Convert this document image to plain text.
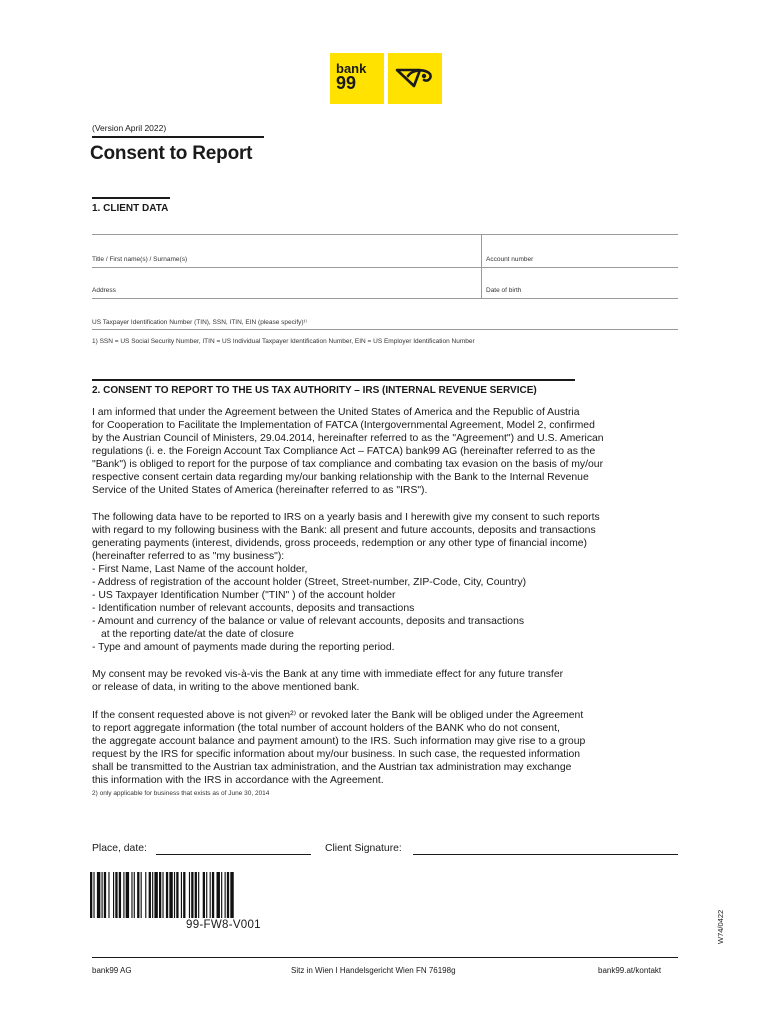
bank
99
(Version April 2022)
Consent to Report
1. CLIENT DATA
Title / First name(s) / Surname(s)	Account number
Address	Date of birth
US Taxpayer Identification Number (TIN), SSN, ITIN, EIN (please specify)¹⁾
1) SSN = US Social Security Number, ITIN = US Individual Taxpayer Identification Number, EIN = US Employer Identification Number
2. CONSENT TO REPORT TO THE US TAX AUTHORITY – IRS (INTERNAL REVENUE SERVICE)

I am informed that under the Agreement between the United States of America and the Republic of Austria

for Cooperation to Facilitate the Implementation of FATCA (Intergovernmental Agreement, Model 2, confirmed

by the Austrian Council of Ministers, 29.04.2014, hereinafter referred to as the "Agreement") and U.S. American

regulations (i. e. the Foreign Account Tax Compliance Act – FATCA) bank99 AG (hereinafter referred to as the

"Bank") is obliged to report for the purpose of tax compliance and combating tax evasion on the basis of my/our

respective consent certain data regarding my/our banking relationship with the Bank to the Internal Revenue

Service of the United States of America (hereinafter referred to as "IRS").

The following data have to be reported to IRS on a yearly basis and I herewith give my consent to such reports

with regard to my following business with the Bank: all present and future accounts, deposits and transactions

generating payments (interest, dividends, gross proceeds, redemption or any other type of financial income)

(hereinafter referred to as "my business"):

- First Name, Last Name of the account holder,

- Address of registration of the account holder (Street, Street-number, ZIP-Code, City, Country)

- US Taxpayer Identification Number ("TIN" ) of the account holder

- Identification number of relevant accounts, deposits and transactions

- Amount and currency of the balance or value of relevant accounts, deposits and transactions

at the reporting date/at the date of closure

- Type and amount of payments made during the reporting period.

My consent may be revoked vis-à-vis the Bank at any time with immediate effect for any future transfer

or release of data, in writing to the above mentioned bank.

If the consent requested above is not given²⁾ or revoked later the Bank will be obliged under the Agreement

to report aggregate information (the total number of account holders of the BANK who do not consent,

the aggregate account balance and payment amount) to the IRS. Such information may give rise to a group

request by the IRS for specific information about my/our business. In such case, the requested information

shall be transmitted to the Austrian tax administration, and the Austrian tax administration may exchange

this information with the IRS in accordance with the Agreement.

2) only applicable for business that exists as of June 30, 2014
Place, date:	Client Signature:
99-FW8-V001
bank99 AG	Sitz in Wien I Handelsgericht Wien FN 76198g	bank99.at/kontakt
W74/0422
